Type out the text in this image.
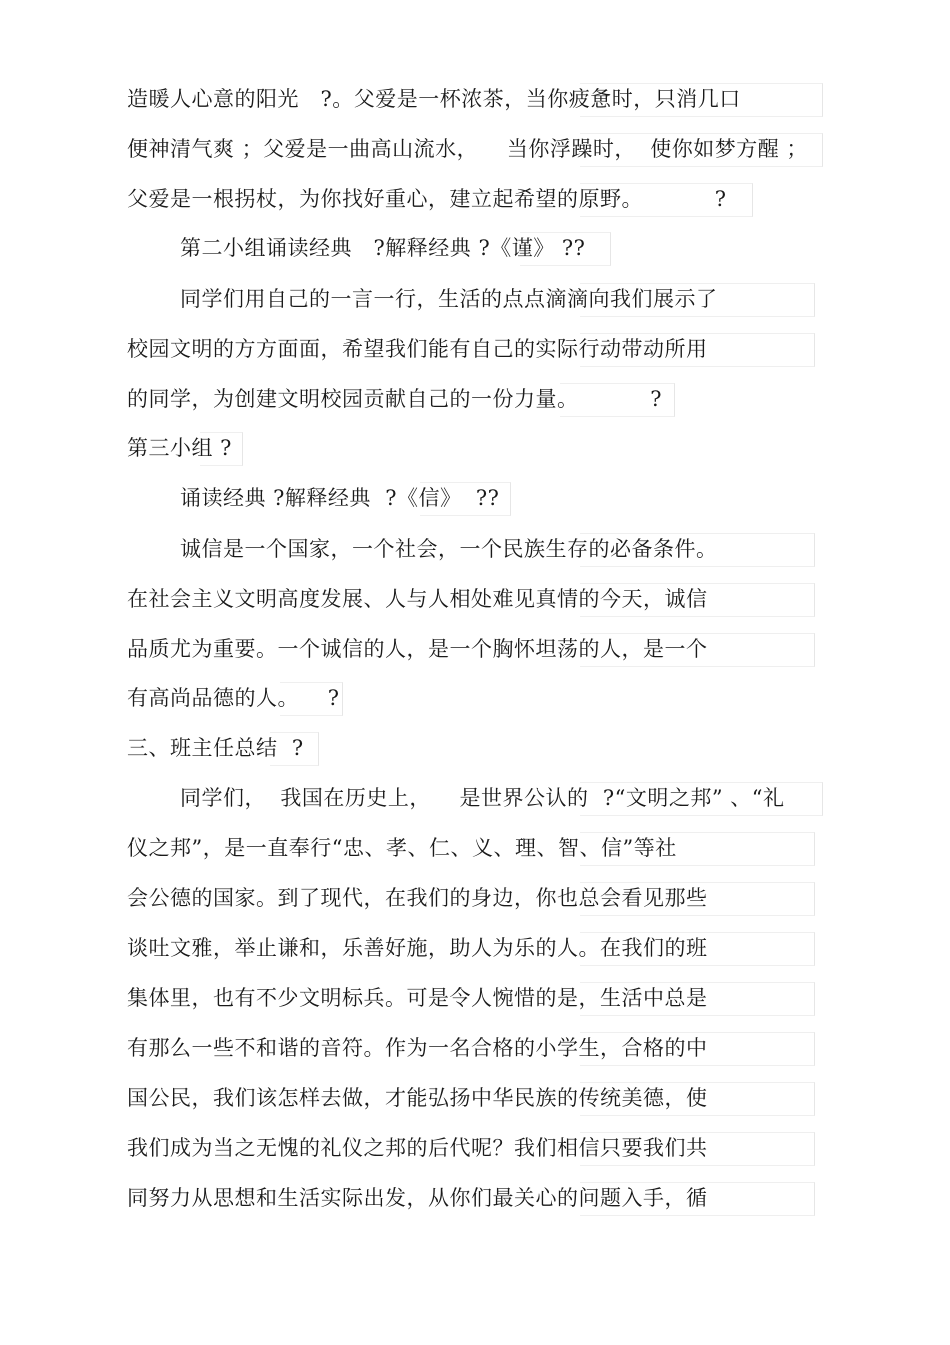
造暖人心意的阳光   ?。父爱是一杯浓茶，当你疲惫时，只消几口
便神清气爽 ；父爱是一曲高山流水，    当你浮躁时，  使你如梦方醒 ；
父爱是一根拐杖，为你找好重心，建立起希望的原野。          ?
第二小组诵读经典   ?解释经典 ?《谨》 ??
同学们用自己的一言一行，生活的点点滴滴向我们展示了
校园文明的方方面面，希望我们能有自己的实际行动带动所用
的同学，为创建文明校园贡献自己的一份力量。          ?
第三小组 ?
诵读经典 ?解释经典  ?《信》  ??
诚信是一个国家，一个社会，一个民族生存的必备条件。
在社会主义文明高度发展、人与人相处难见真情的今天，诚信
品质尤为重要。一个诚信的人，是一个胸怀坦荡的人，是一个
有高尚品德的人。    ?
三、班主任总结  ?
同学们，  我国在历史上，    是世界公认的  ?“文明之邦” 、“礼
仪之邦”，是一直奉行“忠、孝、仁、义、理、智、信”等社
会公德的国家。到了现代，在我们的身边，你也总会看见那些
谈吐文雅，举止谦和，乐善好施，助人为乐的人。在我们的班
集体里，也有不少文明标兵。可是令人惋惜的是，生活中总是
有那么一些不和谐的音符。作为一名合格的小学生，合格的中
国公民，我们该怎样去做，才能弘扬中华民族的传统美德，使
我们成为当之无愧的礼仪之邦的后代呢？我们相信只要我们共
同努力从思想和生活实际出发，从你们最关心的问题入手，循
